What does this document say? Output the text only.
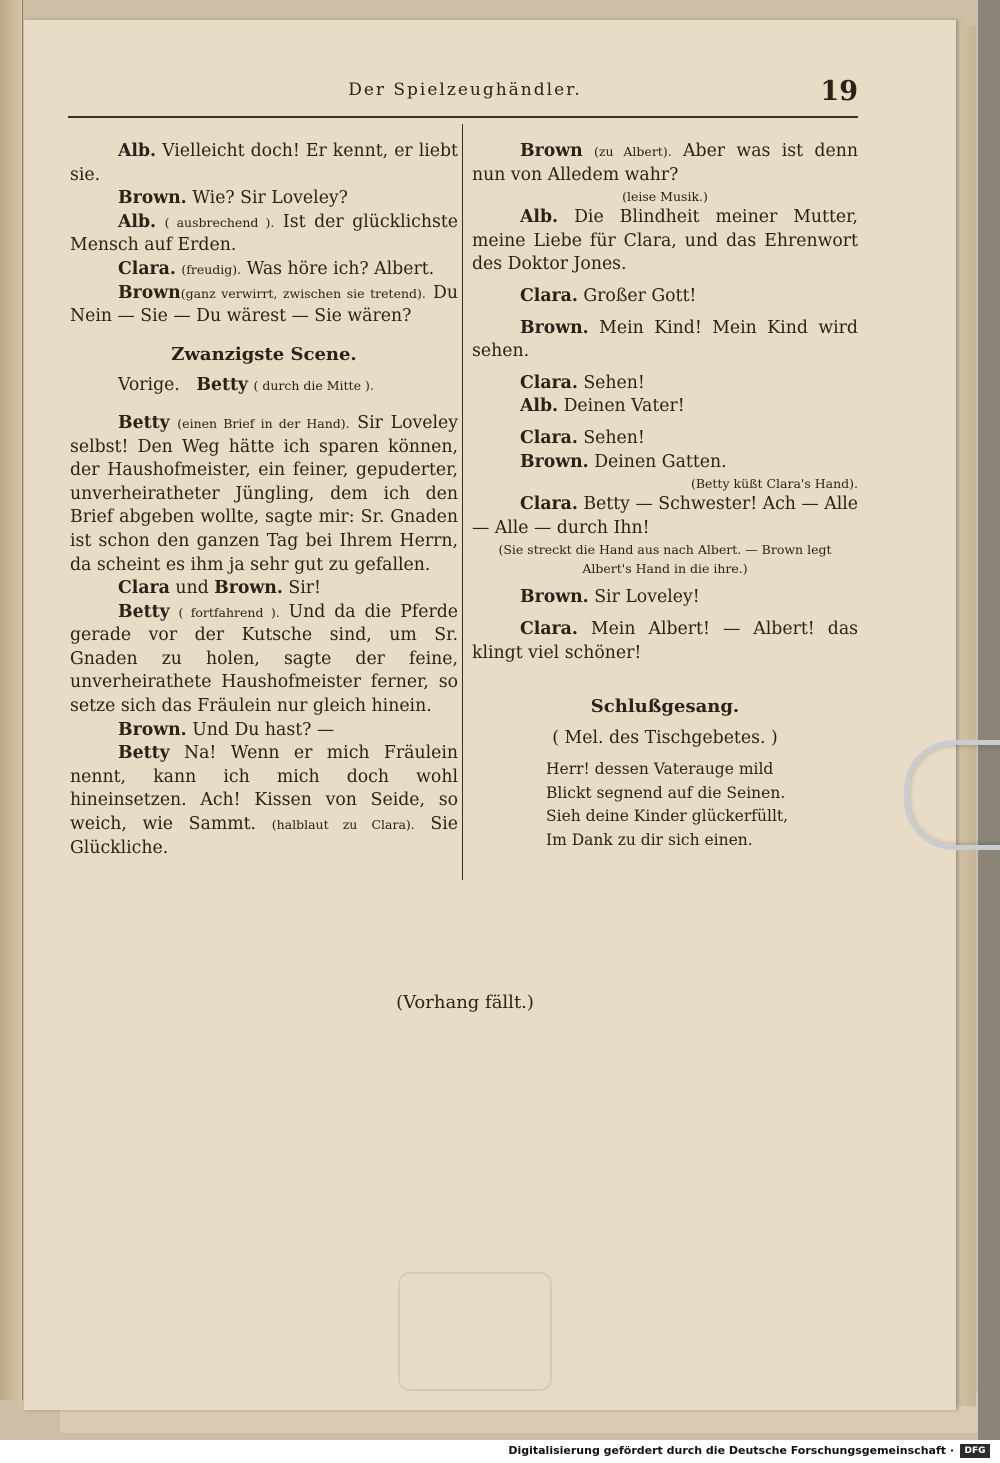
Der Spielzeughändler.	19

Alb. Vielleicht doch! Er kennt, er liebt sie.

Brown. Wie? Sir Loveley?

Alb. ( ausbrechend ). Ist der glücklichste Mensch auf Erden.

Clara. (freudig). Was höre ich? Albert.

Brown(ganz verwirrt, zwischen sie tretend). Du Nein — Sie — Du wärest — Sie wären?

Zwanzigste Scene.

Vorige. Betty ( durch die Mitte ).

Betty (einen Brief in der Hand). Sir Loveley selbst! Den Weg hätte ich sparen können, der Haushofmeister, ein feiner, gepuderter, unverheiratheter Jüngling, dem ich den Brief abgeben wollte, sagte mir: Sr. Gnaden ist schon den ganzen Tag bei Ihrem Herrn, da scheint es ihm ja sehr gut zu gefallen.

Clara und Brown. Sir!

Betty ( fortfahrend ). Und da die Pferde gerade vor der Kutsche sind, um Sr. Gnaden zu holen, sagte der feine, unverheirathete Haushofmeister ferner, so setze sich das Fräulein nur gleich hinein.

Brown. Und Du hast? —

Betty Na! Wenn er mich Fräulein nennt, kann ich mich doch wohl hineinsetzen. Ach! Kissen von Seide, so weich, wie Sammt. (halblaut zu Clara). Sie Glückliche.

Brown (zu Albert). Aber was ist denn nun von Alledem wahr?

(leise Musik.)

Alb. Die Blindheit meiner Mutter, meine Liebe für Clara, und das Ehrenwort des Doktor Jones.

Clara. Großer Gott!

Brown. Mein Kind! Mein Kind wird sehen.

Clara. Sehen!

Alb. Deinen Vater!

Clara. Sehen!

Brown. Deinen Gatten.

(Betty küßt Clara's Hand).

Clara. Betty — Schwester! Ach — Alle — Alle — durch Ihn!

(Sie streckt die Hand aus nach Albert. — Brown legt Albert's Hand in die ihre.)

Brown. Sir Loveley!

Clara. Mein Albert! — Albert! das klingt viel schöner!

Schlußgesang.

( Mel. des Tischgebetes. )

Herr! dessen Vaterauge mild
Blickt segnend auf die Seinen.
Sieh deine Kinder glückerfüllt,
Im Dank zu dir sich einen.
(Vorhang fällt.)
Digitalisierung gefördert durch die Deutsche Forschungsgemeinschaft ·	DFG
